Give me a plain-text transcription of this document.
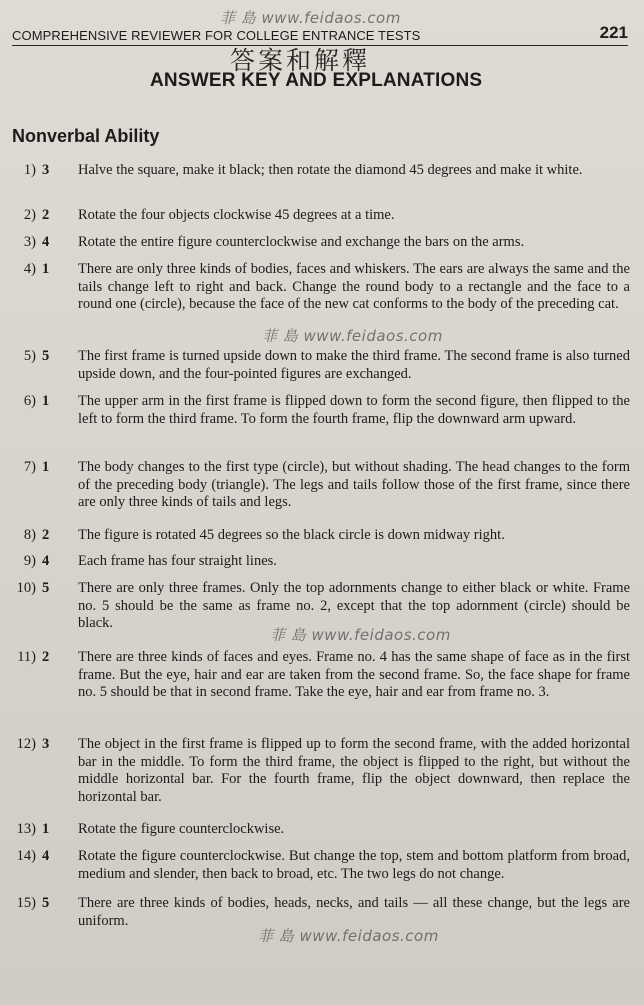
菲 島 www.feidaos.com
COMPREHENSIVE REVIEWER FOR COLLEGE ENTRANCE TESTS	221
答案和解釋
ANSWER KEY AND EXPLANATIONS
Nonverbal Ability
1) 3	Halve the square, make it black; then rotate the diamond 45 degrees and make it white.
2) 2	Rotate the four objects clockwise 45 degrees at a time.
3) 4	Rotate the entire figure counterclockwise and exchange the bars on the arms.
4) 1	There are only three kinds of bodies, faces and whiskers. The ears are always the same and the tails change left to right and back. Change the round body to a rectangle and the face to a round one (circle), because the face of the new cat conforms to the body of the preceding cat.
5) 5	The first frame is turned upside down to make the third frame. The second frame is also turned upside down, and the four-pointed figures are exchanged.
6) 1	The upper arm in the first frame is flipped down to form the second figure, then flipped to the left to form the third frame. To form the fourth frame, flip the downward arm upward.
7) 1	The body changes to the first type (circle), but without shading. The head changes to the form of the preceding body (triangle). The legs and tails follow those of the first frame, since there are only three kinds of tails and legs.
8) 2	The figure is rotated 45 degrees so the black circle is down midway right.
9) 4	Each frame has four straight lines.
10) 5	There are only three frames. Only the top adornments change to either black or white. Frame no. 5 should be the same as frame no. 2, except that the top adornment (circle) should be black.
11) 2	There are three kinds of faces and eyes. Frame no. 4 has the same shape of face as in the first frame. But the eye, hair and ear are taken from the second frame. So, the face shape for frame no. 5 should be that in second frame. Take the eye, hair and ear from frame no. 3.
12) 3	The object in the first frame is flipped up to form the second frame, with the added horizontal bar in the middle. To form the third frame, the object is flipped to the right, but without the middle horizontal bar. For the fourth frame, flip the object downward, then replace the horizontal bar.
13) 1	Rotate the figure counterclockwise.
14) 4	Rotate the figure counterclockwise. But change the top, stem and bottom platform from broad, medium and slender, then back to broad, etc. The two legs do not change.
15) 5	There are three kinds of bodies, heads, necks, and tails — all these change, but the legs are uniform.
菲 島 www.feidaos.com
菲 島 www.feidaos.com
菲 島 www.feidaos.com
